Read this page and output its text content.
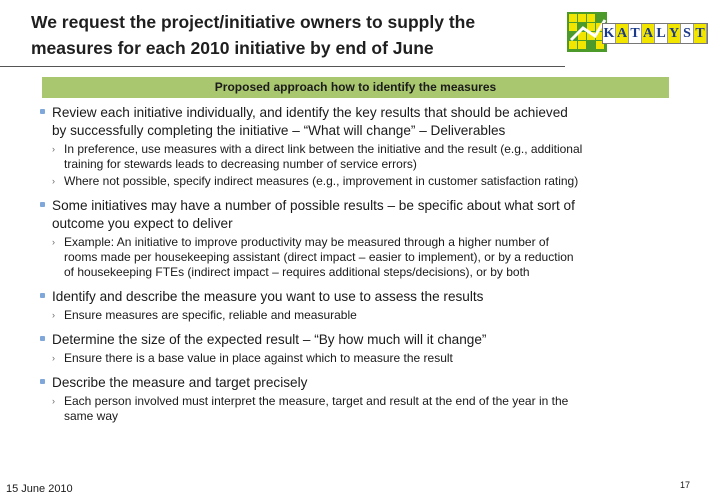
We request the project/initiative owners to supply the
measures for each 2010 initiative by end of June
K A T A L Y S T
Proposed approach how to identify the measures
Review each initiative individually, and identify the key results that should be achieved
by successfully completing the initiative – “What will change” – Deliverables
› In preference, use measures with a direct link between the initiative and the result (e.g., additional
training for stewards leads to decreasing number of service errors)
› Where not possible, specify indirect measures (e.g., improvement in customer satisfaction rating)
Some initiatives may have a number of possible results – be specific about what sort of
outcome you expect to deliver
› Example: An initiative to improve productivity may be measured through a higher number of
rooms made per housekeeping assistant (direct impact – easier to implement), or by a reduction
of housekeeping FTEs (indirect impact – requires additional steps/decisions), or by both
Identify and describe the measure you want to use to assess the results
› Ensure measures are specific, reliable and measurable
Determine the size of the expected result – “By how much will it change”
› Ensure there is a base value in place against which to measure the result
Describe the measure and target precisely
› Each person involved must interpret the measure, target and result at the end of the year in the
same way
15 June 2010	17
